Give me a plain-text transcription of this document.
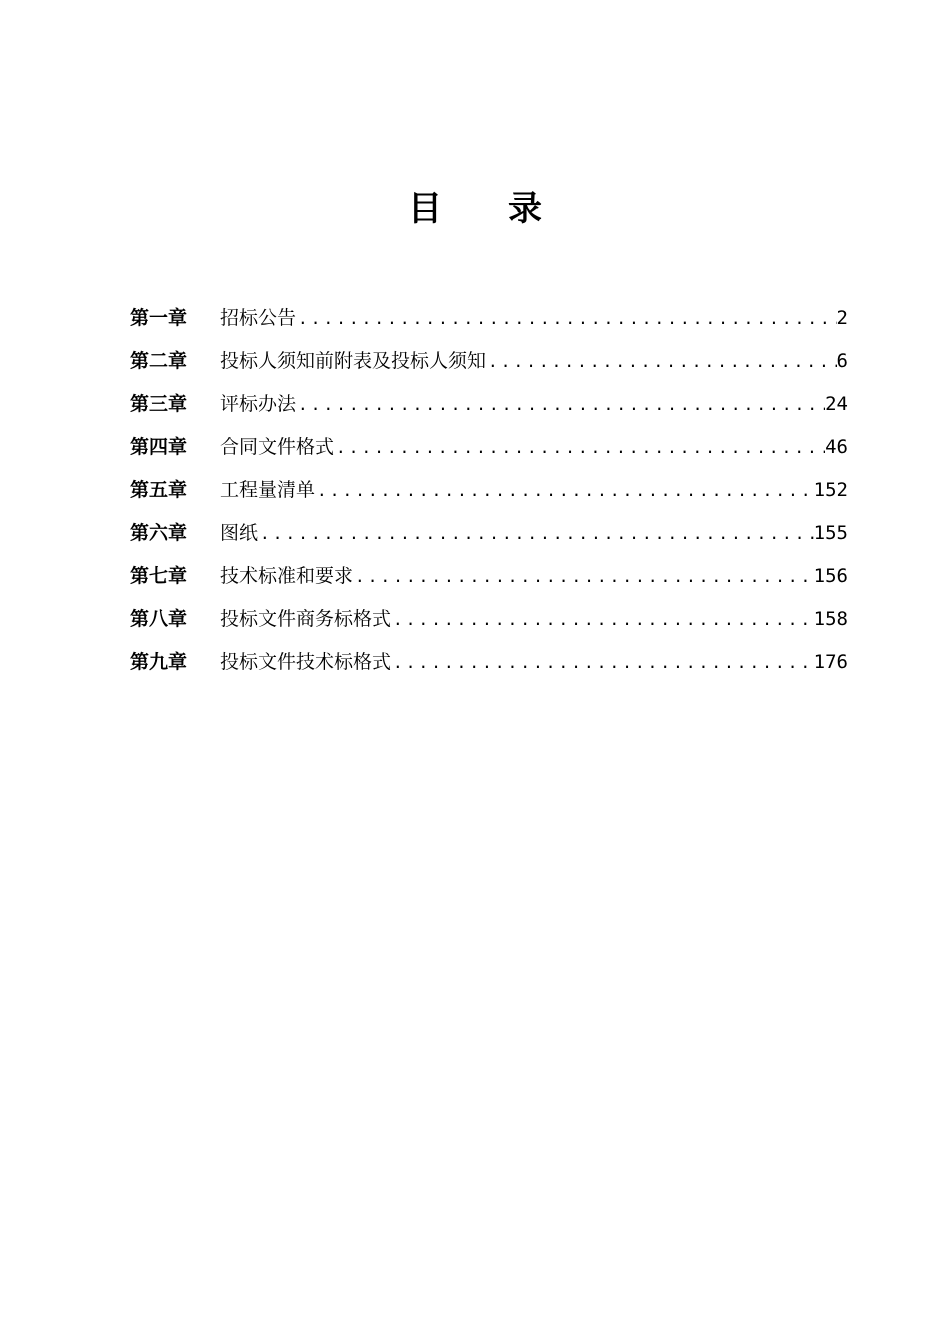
目 录
第一章	招标公告 .....	2
第二章	投标人须知前附表及投标人须知 .....	6
第三章	评标办法 .....	24
第四章	合同文件格式 .....	46
第五章	工程量清单 .....	152
第六章	图纸 .....	155
第七章	技术标准和要求 .....	156
第八章	投标文件商务标格式 .....	158
第九章	投标文件技术标格式 .....	176
